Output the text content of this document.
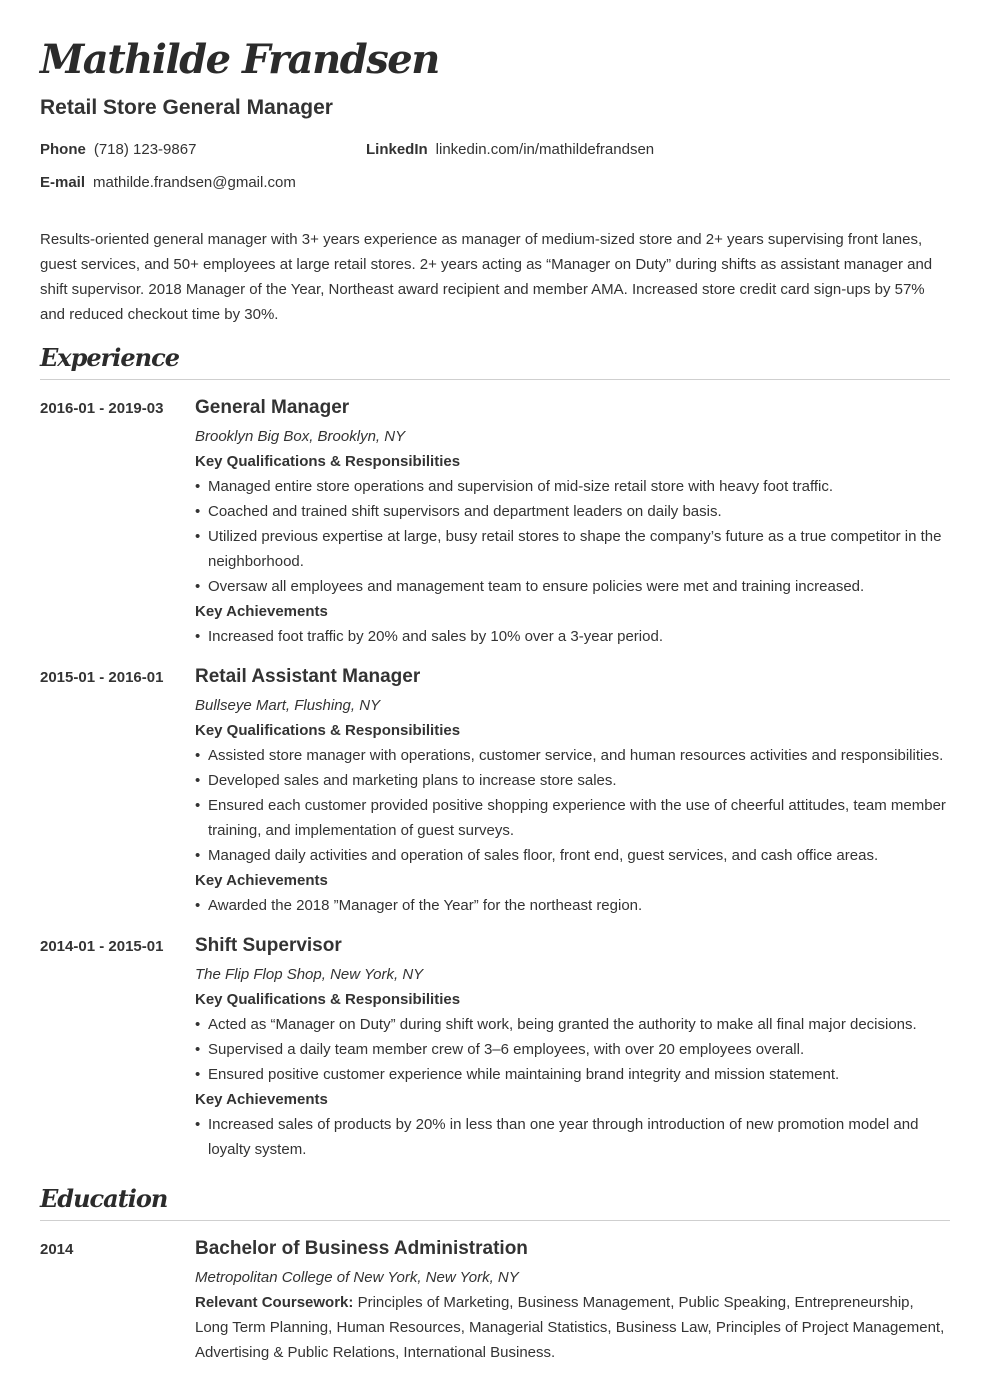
Mathilde Frandsen
Retail Store General Manager
Phone (718) 123-9867	LinkedIn linkedin.com/in/mathildefrandsen
E-mail mathilde.frandsen@gmail.com

Results-oriented general manager with 3+ years experience as manager of medium-sized store and 2+ years supervising front lanes, guest services, and 50+ employees at large retail stores. 2+ years acting as “Manager on Duty” during shifts as assistant manager and shift supervisor. 2018 Manager of the Year, Northeast award recipient and member AMA. Increased store credit card sign-ups by 57% and reduced checkout time by 30%.

Experience
2016-01 - 2019-03	General Manager
Brooklyn Big Box, Brooklyn, NY
Key Qualifications & Responsibilities
• Managed entire store operations and supervision of mid-size retail store with heavy foot traffic.
• Coached and trained shift supervisors and department leaders on daily basis.
• Utilized previous expertise at large, busy retail stores to shape the company’s future as a true competitor in the neighborhood.
• Oversaw all employees and management team to ensure policies were met and training increased.
Key Achievements
• Increased foot traffic by 20% and sales by 10% over a 3-year period.
2015-01 - 2016-01	Retail Assistant Manager
Bullseye Mart, Flushing, NY
Key Qualifications & Responsibilities
• Assisted store manager with operations, customer service, and human resources activities and responsibilities.
• Developed sales and marketing plans to increase store sales.
• Ensured each customer provided positive shopping experience with the use of cheerful attitudes, team member training, and implementation of guest surveys.
• Managed daily activities and operation of sales floor, front end, guest services, and cash office areas.
Key Achievements
• Awarded the 2018 ”Manager of the Year” for the northeast region.
2014-01 - 2015-01	Shift Supervisor
The Flip Flop Shop, New York, NY
Key Qualifications & Responsibilities
• Acted as “Manager on Duty” during shift work, being granted the authority to make all final major decisions.
• Supervised a daily team member crew of 3–6 employees, with over 20 employees overall.
• Ensured positive customer experience while maintaining brand integrity and mission statement.
Key Achievements
• Increased sales of products by 20% in less than one year through introduction of new promotion model and loyalty system.
Education
2014	Bachelor of Business Administration
Metropolitan College of New York, New York, NY
Relevant Coursework: Principles of Marketing, Business Management, Public Speaking, Entrepreneurship, Long Term Planning, Human Resources, Managerial Statistics, Business Law, Principles of Project Management, Advertising & Public Relations, International Business.
